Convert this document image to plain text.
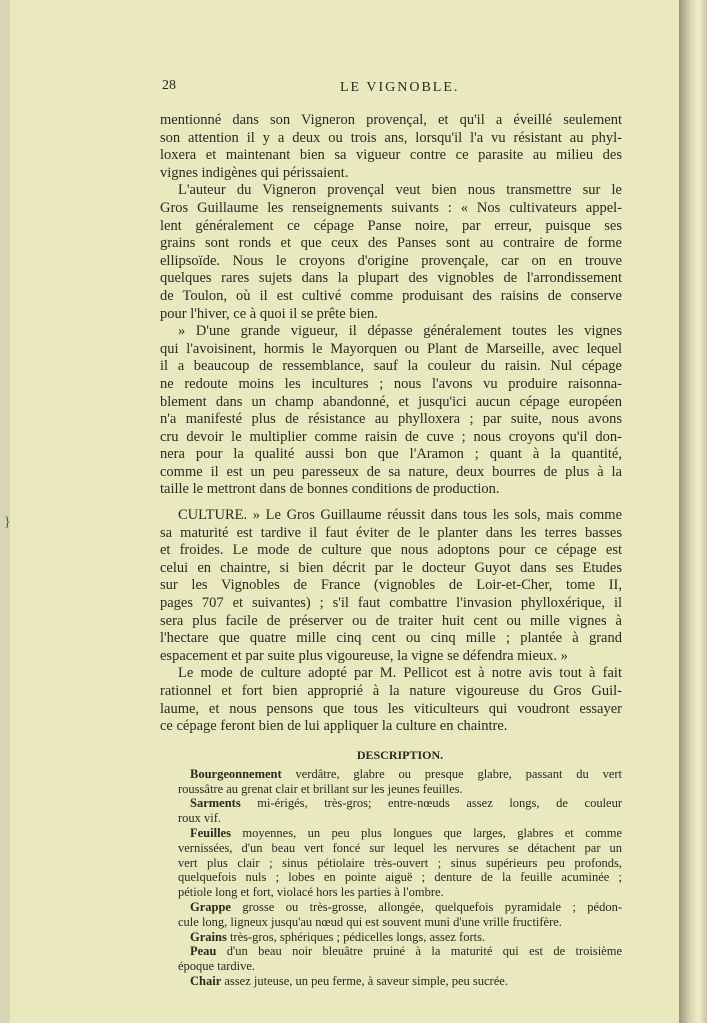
}
28	LE VIGNOBLE.
mentionné dans son Vigneron provençal, et qu'il a éveillé seulement
son attention il y a deux ou trois ans, lorsqu'il l'a vu résistant au phyl-
loxera et maintenant bien sa vigueur contre ce parasite au milieu des
vignes indigènes qui périssaient.
L'auteur du Vigneron provençal veut bien nous transmettre sur le
Gros Guillaume les renseignements suivants : « Nos cultivateurs appel-
lent généralement ce cépage Panse noire, par erreur, puisque ses
grains sont ronds et que ceux des Panses sont au contraire de forme
ellipsoïde. Nous le croyons d'origine provençale, car on en trouve
quelques rares sujets dans la plupart des vignobles de l'arrondissement
de Toulon, où il est cultivé comme produisant des raisins de conserve
pour l'hiver, ce à quoi il se prête bien.
» D'une grande vigueur, il dépasse généralement toutes les vignes
qui l'avoisinent, hormis le Mayorquen ou Plant de Marseille, avec lequel
il a beaucoup de ressemblance, sauf la couleur du raisin. Nul cépage
ne redoute moins les incultures ; nous l'avons vu produire raisonna-
blement dans un champ abandonné, et jusqu'ici aucun cépage européen
n'a manifesté plus de résistance au phylloxera ; par suite, nous avons
cru devoir le multiplier comme raisin de cuve ; nous croyons qu'il don-
nera pour la qualité aussi bon que l'Aramon ; quant à la quantité,
comme il est un peu paresseux de sa nature, deux bourres de plus à la
taille le mettront dans de bonnes conditions de production.
CULTURE. » Le Gros Guillaume réussit dans tous les sols, mais comme
sa maturité est tardive il faut éviter de le planter dans les terres basses
et froides. Le mode de culture que nous adoptons pour ce cépage est
celui en chaintre, si bien décrit par le docteur Guyot dans ses Etudes
sur les Vignobles de France (vignobles de Loir-et-Cher, tome II,
pages 707 et suivantes) ; s'il faut combattre l'invasion phylloxérique, il
sera plus facile de préserver ou de traiter huit cent ou mille vignes à
l'hectare que quatre mille cinq cent ou cinq mille ; plantée à grand
espacement et par suite plus vigoureuse, la vigne se défendra mieux. »
Le mode de culture adopté par M. Pellicot est à notre avis tout à fait
rationnel et fort bien approprié à la nature vigoureuse du Gros Guil-
laume, et nous pensons que tous les viticulteurs qui voudront essayer
ce cépage feront bien de lui appliquer la culture en chaintre.
DESCRIPTION.
Bourgeonnement verdâtre, glabre ou presque glabre, passant du vert
roussâtre au grenat clair et brillant sur les jeunes feuilles.
Sarments mi-érigés, très-gros; entre-nœuds assez longs, de couleur
roux vif.
Feuilles moyennes, un peu plus longues que larges, glabres et comme
vernissées, d'un beau vert foncé sur lequel les nervures se détachent par un
vert plus clair ; sinus pétiolaire très-ouvert ; sinus supérieurs peu profonds,
quelquefois nuls ; lobes en pointe aiguë ; denture de la feuille acuminée ;
pétiole long et fort, violacé hors les parties à l'ombre.
Grappe grosse ou très-grosse, allongée, quelquefois pyramidale ; pédon-
cule long, ligneux jusqu'au nœud qui est souvent muni d'une vrille fructifère.
Grains très-gros, sphériques ; pédicelles longs, assez forts.
Peau d'un beau noir bleuâtre pruiné à la maturité qui est de troisième
époque tardive.
Chair assez juteuse, un peu ferme, à saveur simple, peu sucrée.
